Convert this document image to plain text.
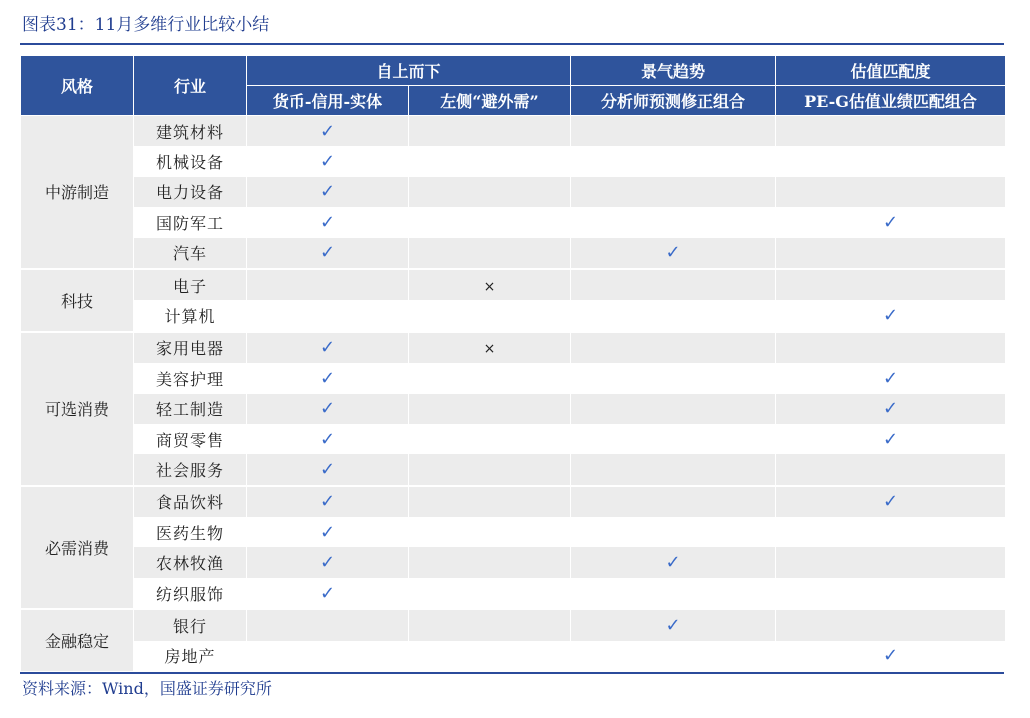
图表31：11月多维行业比较小结
风格	行业	自上而下		景气趋势	估值匹配度
		货币-信用-实体	左侧“避外需”	分析师预测修正组合	PE-G估值业绩匹配组合
中游制造	建筑材料	✓			
	机械设备	✓			
	电力设备	✓			
	国防军工	✓			✓
	汽车	✓		✓	

科技	电子		×		
	计算机				✓

可选消费	家用电器	✓	×		
	美容护理	✓			✓
	轻工制造	✓			✓
	商贸零售	✓			✓
	社会服务	✓			

必需消费	食品饮料	✓			✓
	医药生物	✓			
	农林牧渔	✓		✓	
	纺织服饰	✓			

金融稳定	银行			✓	
	房地产				✓
资料来源：Wind，国盛证券研究所
